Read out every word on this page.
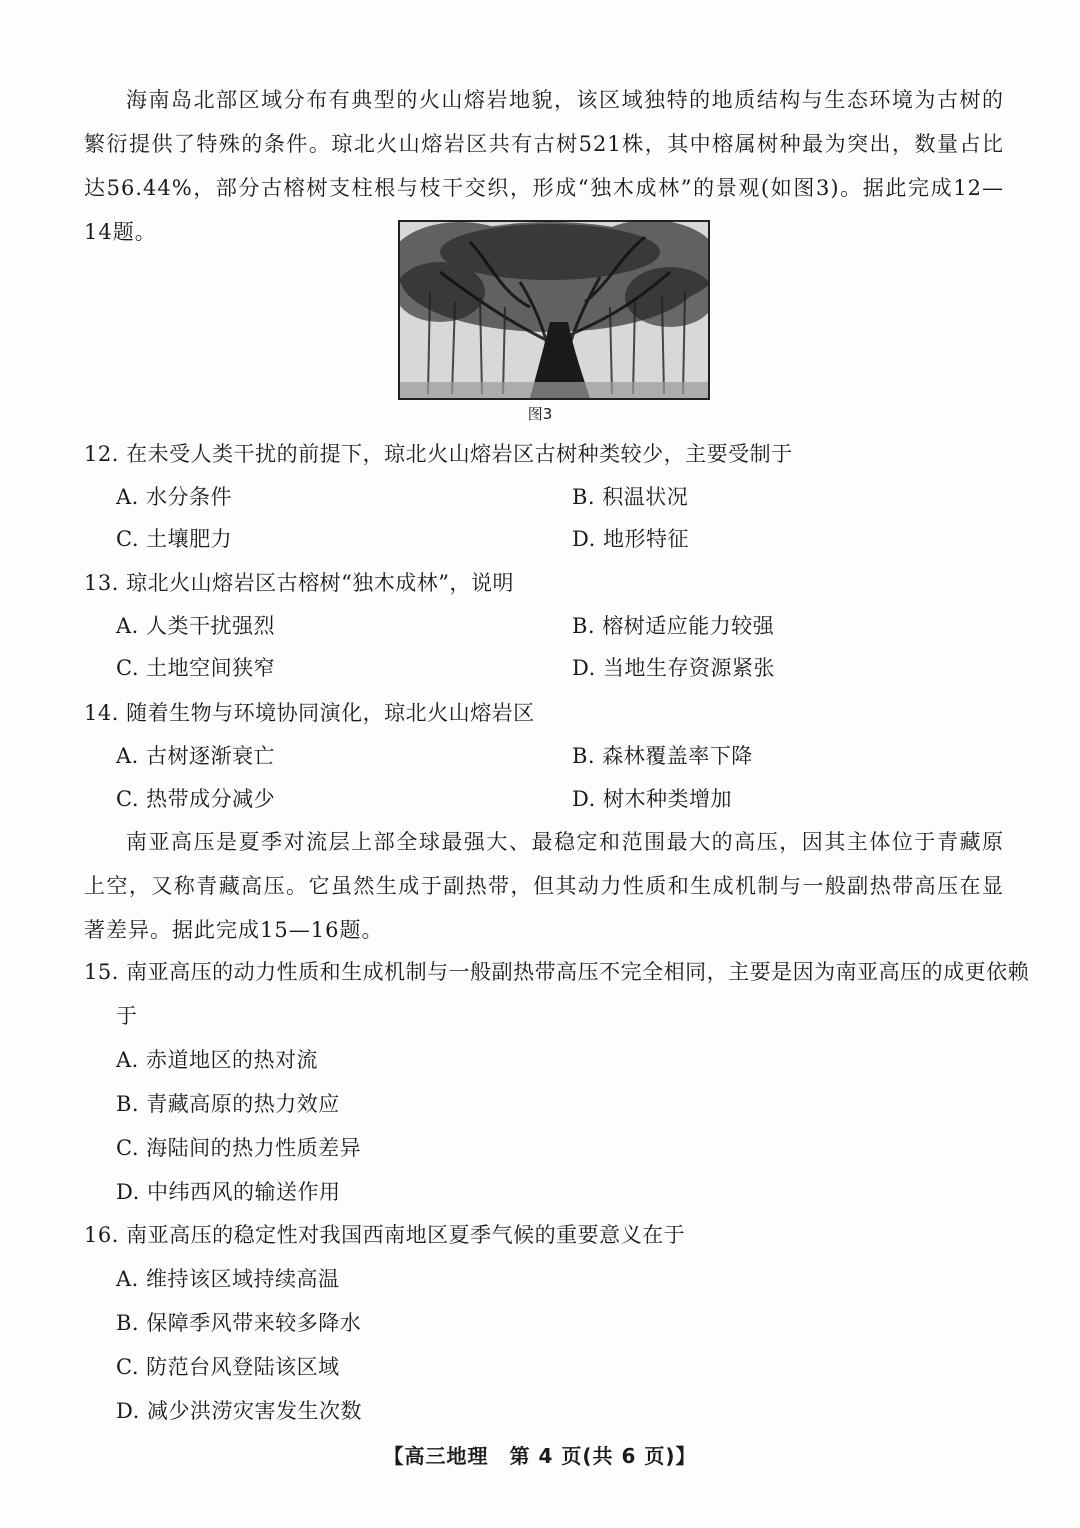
海南岛北部区域分布有典型的火山熔岩地貌，该区域独特的地质结构与生态环境为古树的繁衍提供了特殊的条件。琼北火山熔岩区共有古树521株，其中榕属树种最为突出，数量占比达56.44%，部分古榕树支柱根与枝干交织，形成“独木成林”的景观(如图3)。据此完成12—14题。
图3
12. 在未受人类干扰的前提下，琼北火山熔岩区古树种类较少，主要受制于
A. 水分条件	B. 积温状况
C. 土壤肥力	D. 地形特征
13. 琼北火山熔岩区古榕树“独木成林”，说明
A. 人类干扰强烈	B. 榕树适应能力较强
C. 土地空间狭窄	D. 当地生存资源紧张
14. 随着生物与环境协同演化，琼北火山熔岩区
A. 古树逐渐衰亡	B. 森林覆盖率下降
C. 热带成分减少	D. 树木种类增加
南亚高压是夏季对流层上部全球最强大、最稳定和范围最大的高压，因其主体位于青藏原上空，又称青藏高压。它虽然生成于副热带，但其动力性质和生成机制与一般副热带高压在显著差异。据此完成15—16题。
15. 南亚高压的动力性质和生成机制与一般副热带高压不完全相同，主要是因为南亚高压的成更依赖于
A. 赤道地区的热对流
B. 青藏高原的热力效应
C. 海陆间的热力性质差异
D. 中纬西风的输送作用
16. 南亚高压的稳定性对我国西南地区夏季气候的重要意义在于
A. 维持该区域持续高温
B. 保障季风带来较多降水
C. 防范台风登陆该区域
D. 减少洪涝灾害发生次数
【高三地理　第 4 页(共 6 页)】
